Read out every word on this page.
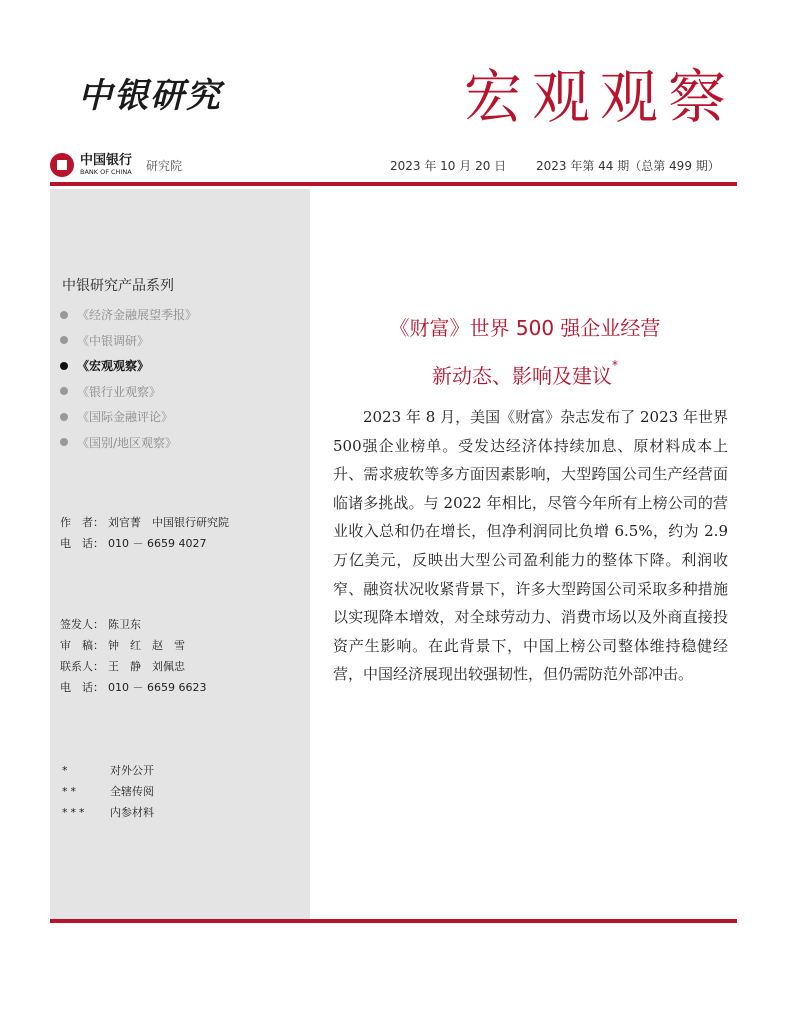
中银研究	宏观观察
中国银行
BANK OF CHINA 研究院	2023 年 10 月 20 日 2023 年第 44 期（总第 499 期）
中银研究产品系列
《经济金融展望季报》
《中银调研》
《宏观观察》
《银行业观察》
《国际金融评论》
《国别/地区观察》
作　者： 刘官菁　中国银行研究院
电　话： 010 － 6659 4027
签发人： 陈卫东
审　稿： 钟　红　赵　雪
联系人： 王　静　刘佩忠
电　话： 010 － 6659 6623
*	对外公开
**	全辖传阅
***	内参材料
《财富》世界 500 强企业经营
新动态、影响及建议*

2023 年 8 月，美国《财富》杂志发布了 2023 年世界500强企业榜单。受发达经济体持续加息、原材料成本上升、需求疲软等多方面因素影响，大型跨国公司生产经营面临诸多挑战。与 2022 年相比，尽管今年所有上榜公司的营业收入总和仍在增长，但净利润同比负增 6.5%，约为 2.9 万亿美元，反映出大型公司盈利能力的整体下降。利润收窄、融资状况收紧背景下，许多大型跨国公司采取多种措施以实现降本增效，对全球劳动力、消费市场以及外商直接投资产生影响。在此背景下，中国上榜公司整体维持稳健经营，中国经济展现出较强韧性，但仍需防范外部冲击。
